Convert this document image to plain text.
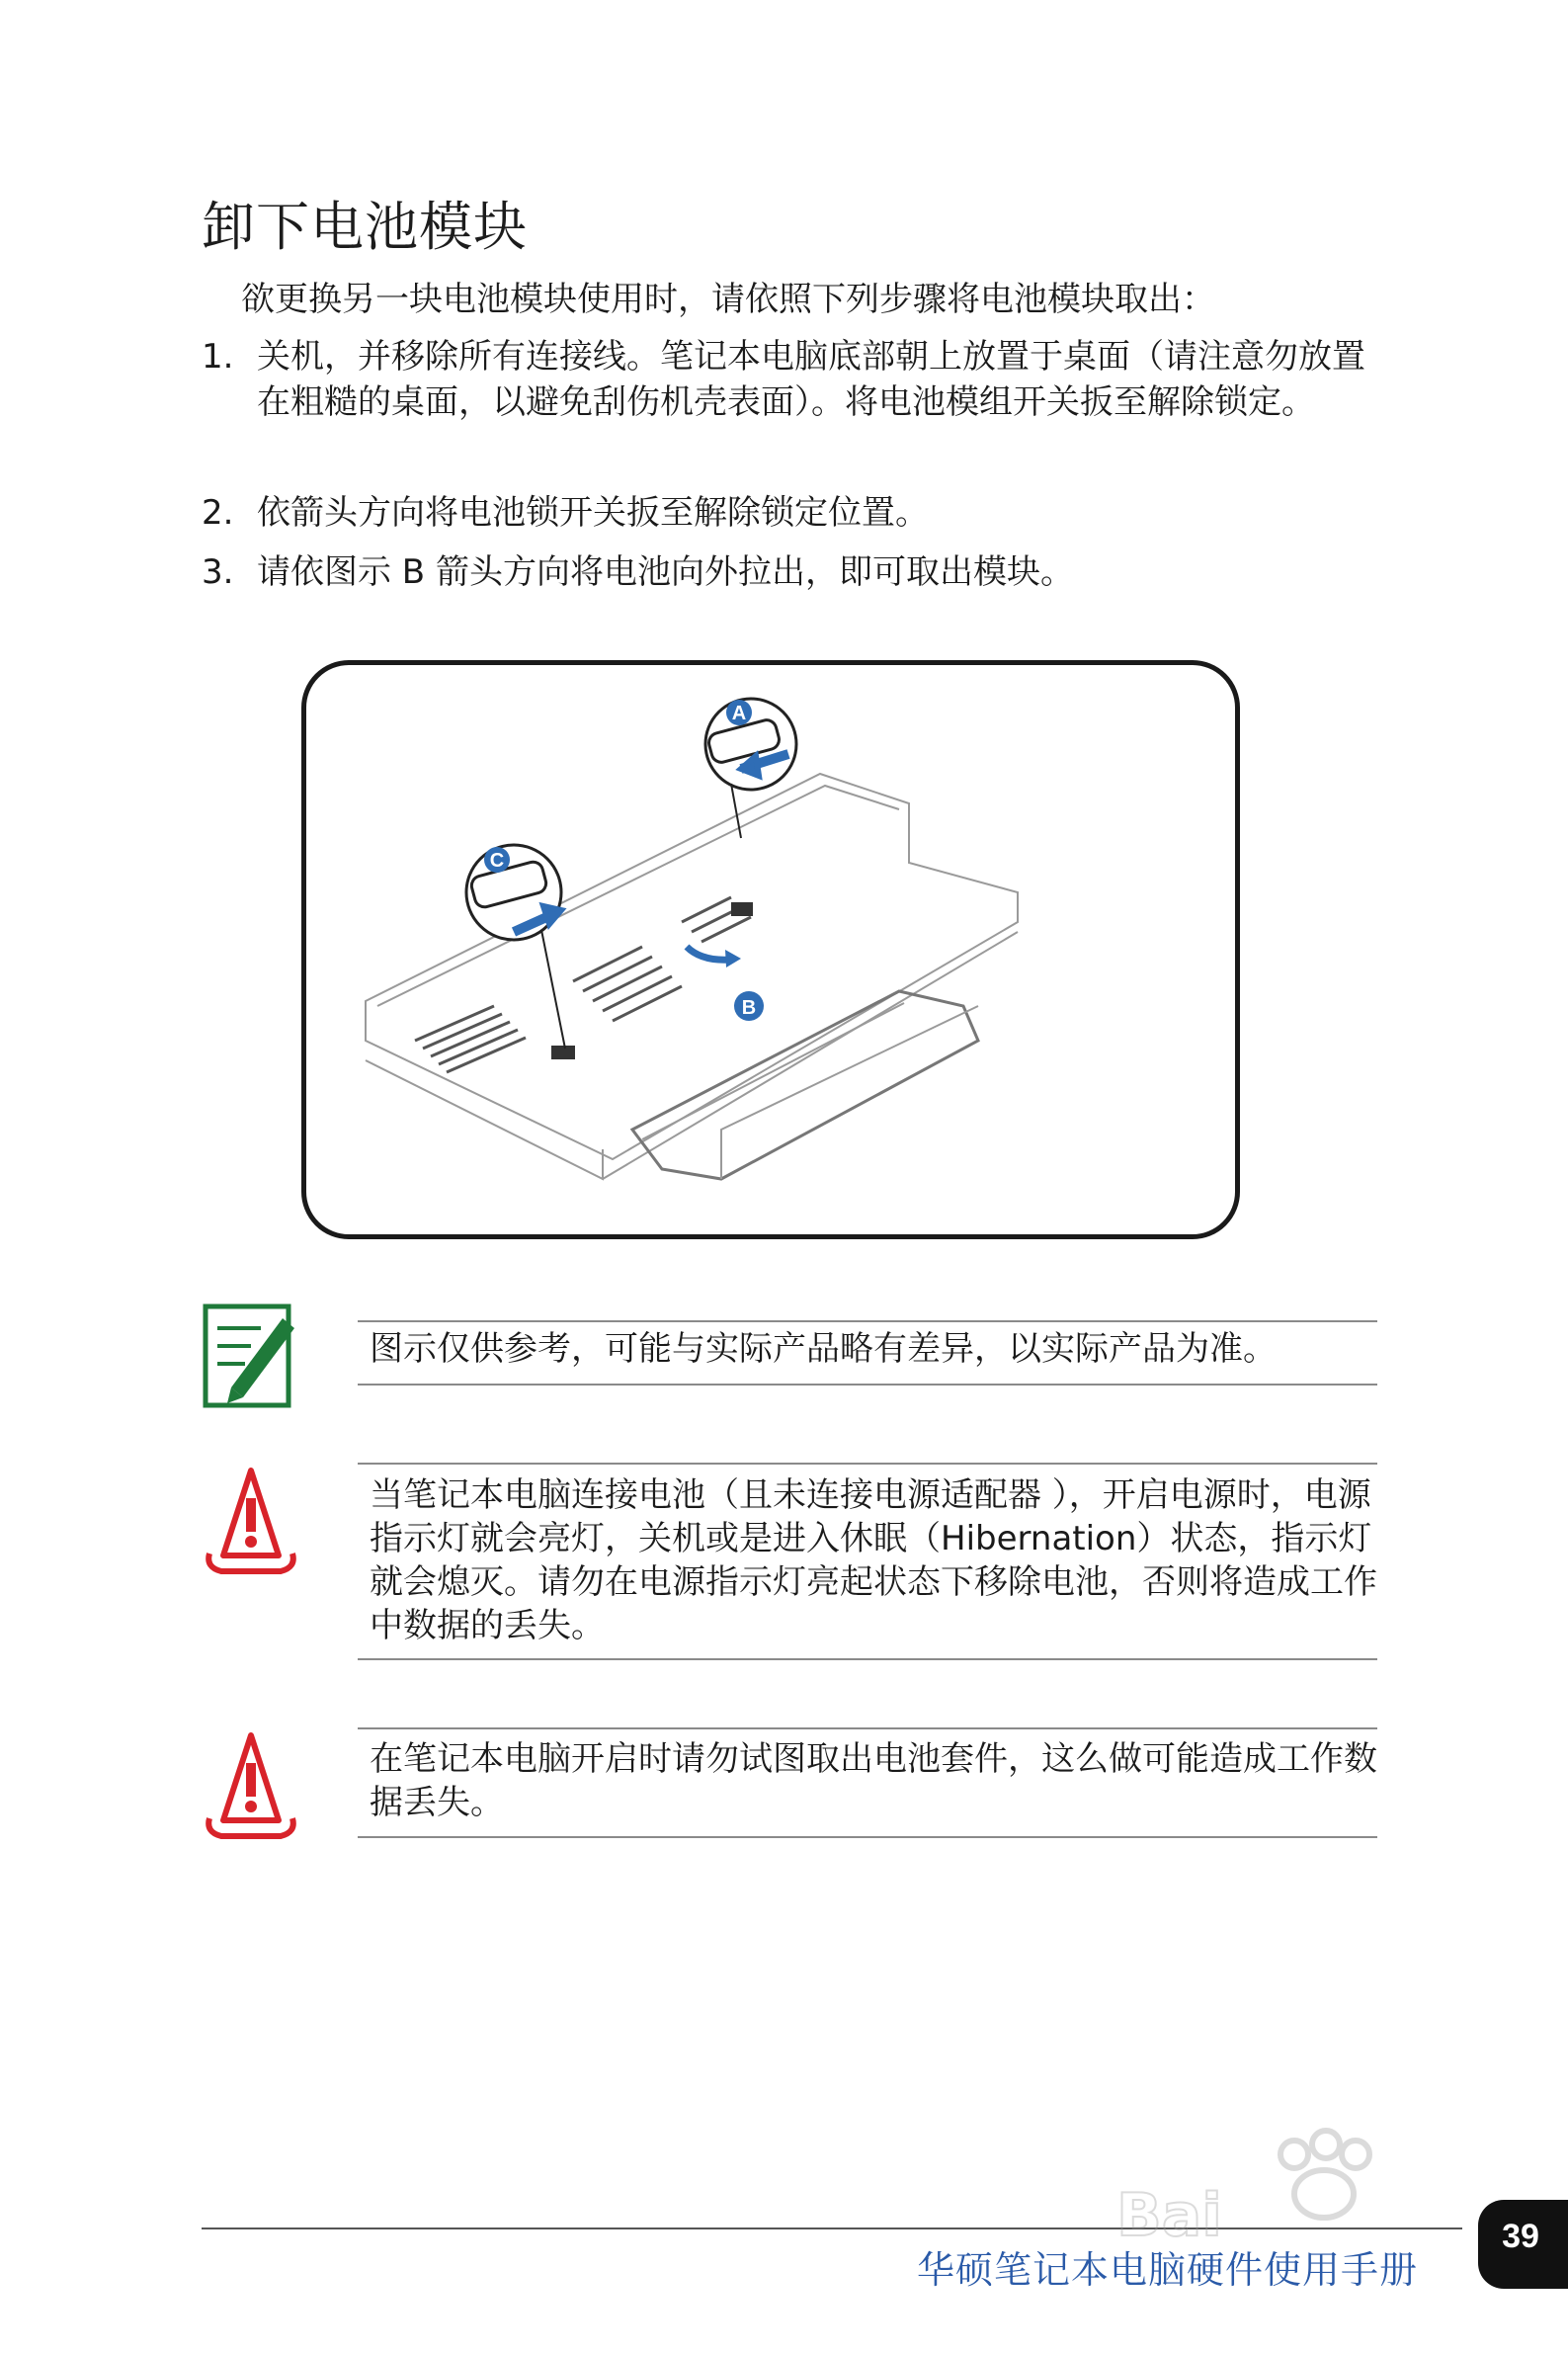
卸下电池模块
欲更换另一块电池模块使用时，请依照下列步骤将电池模块取出：
1. 关机，并移除所有连接线。笔记本电脑底部朝上放置于桌面（请注意勿放置在粗糙的桌面，以避免刮伤机壳表面）。将电池模组开关扳至解除锁定。
2. 依箭头方向将电池锁开关扳至解除锁定位置。
3. 请依图示 B 箭头方向将电池向外拉出，即可取出模块。
A
C
B
图示仅供参考，可能与实际产品略有差异，以实际产品为准。
当笔记本电脑连接电池（且未连接电源适配器 ），开启电源时，电源指示灯就会亮灯，关机或是进入休眠（Hibernation）状态，指示灯就会熄灭。请勿在电源指示灯亮起状态下移除电池，否则将造成工作中数据的丢失。
在笔记本电脑开启时请勿试图取出电池套件，这么做可能造成工作数据丢失。
华硕笔记本电脑硬件使用手册
39
Bai
